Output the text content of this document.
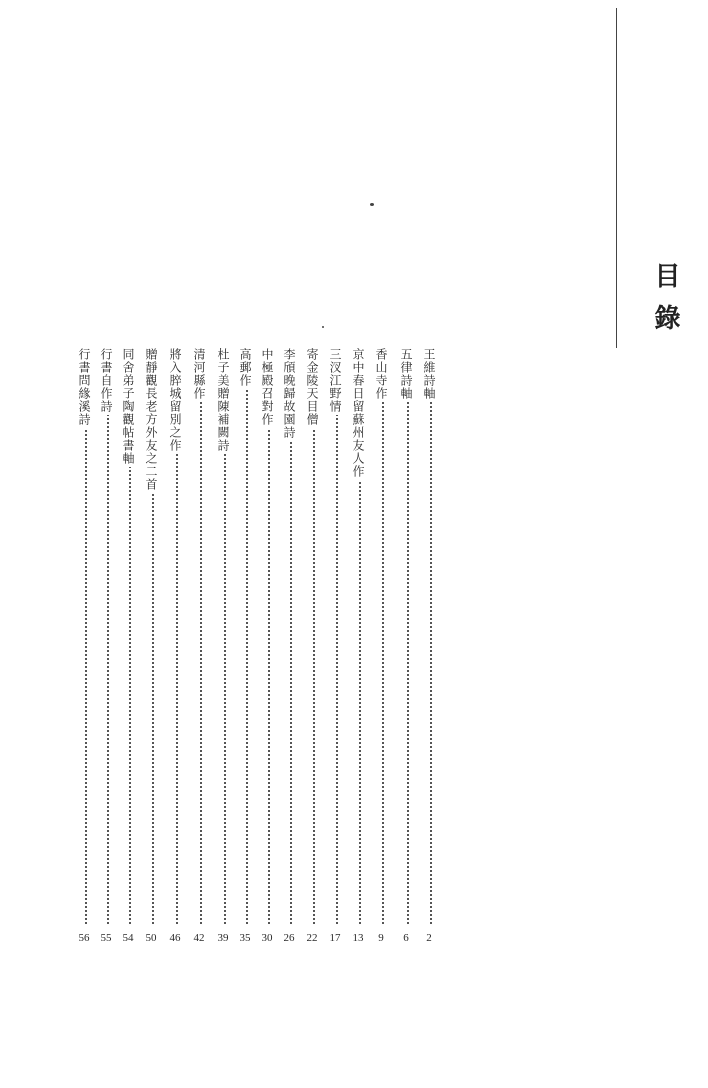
目錄
王維詩軸
2
五律詩軸
6
香山寺作
9
京中春日留蘇州友人作
13
三汊江野情
17
寄金陵天目僧
22
李頎晚歸故園詩
26
中極殿召對作
30
高郵作
35
杜子美贈陳補闕詩
39
清河縣作
42
將入脺城留別之作
46
贈靜觀長老方外友之二首
50
同舍弟子陶觀帖書軸
54
行書自作詩
55
行書問緣溪詩
56
